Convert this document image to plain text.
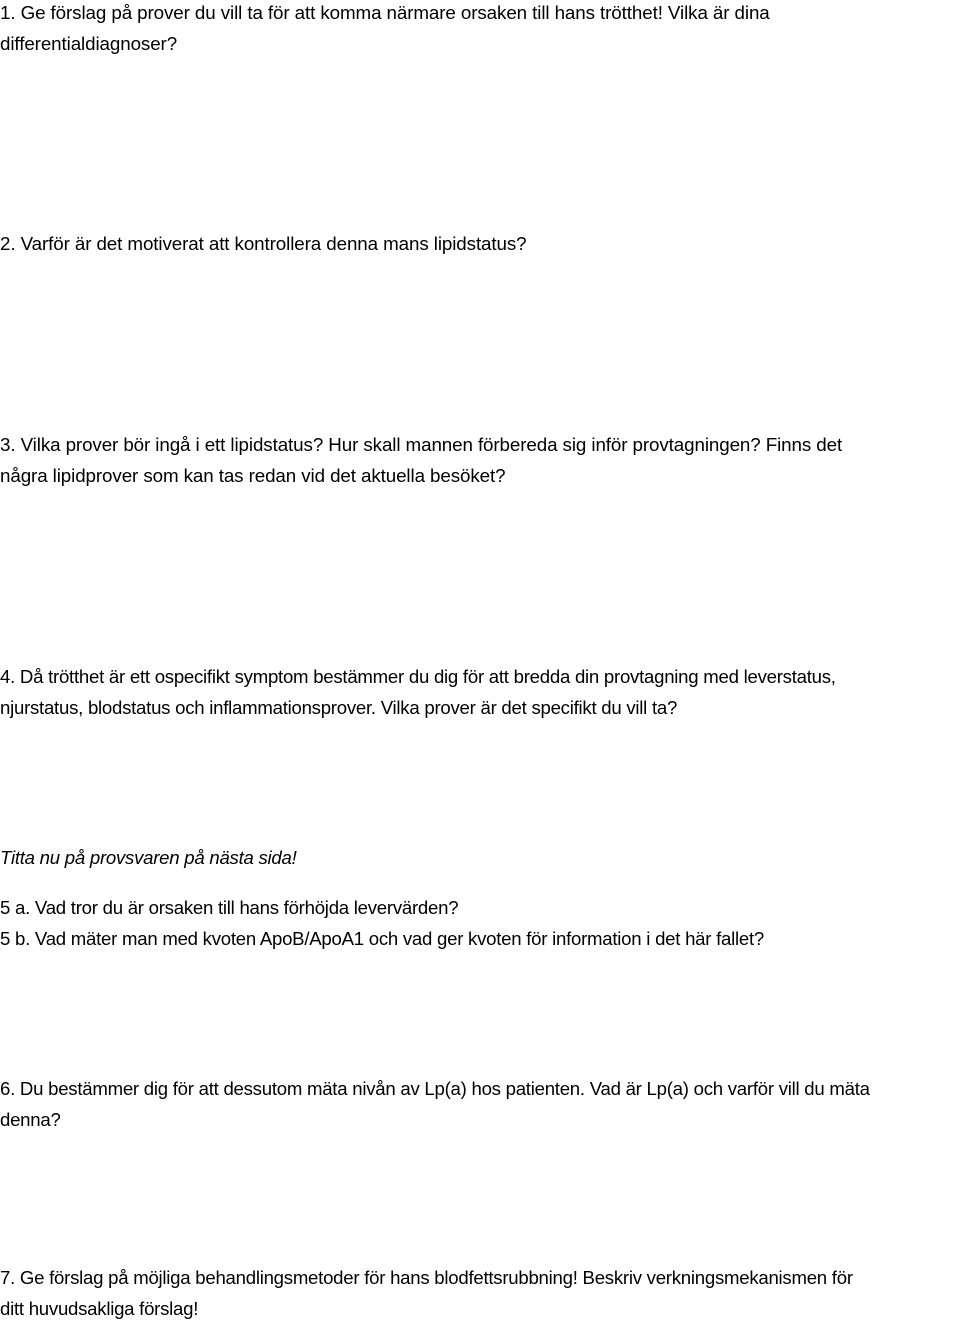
1. Ge förslag på prover du vill ta för att komma närmare orsaken till hans trötthet! Vilka är dina
differentialdiagnoser?

2. Varför är det motiverat att kontrollera denna mans lipidstatus?

3. Vilka prover bör ingå i ett lipidstatus? Hur skall mannen förbereda sig inför provtagningen? Finns det
några lipidprover som kan tas redan vid det aktuella besöket?

4. Då trötthet är ett ospecifikt symptom bestämmer du dig för att bredda din provtagning med leverstatus,
njurstatus, blodstatus och inflammationsprover. Vilka prover är det specifikt du vill ta?

Titta nu på provsvaren på nästa sida!

5 a. Vad tror du är orsaken till hans förhöjda levervärden?

5 b. Vad mäter man med kvoten ApoB/ApoA1 och vad ger kvoten för information i det här fallet?

6. Du bestämmer dig för att dessutom mäta nivån av Lp(a) hos patienten. Vad är Lp(a) och varför vill du mäta
denna?

7. Ge förslag på möjliga behandlingsmetoder för hans blodfettsrubbning! Beskriv verkningsmekanismen för
ditt huvudsakliga förslag!
